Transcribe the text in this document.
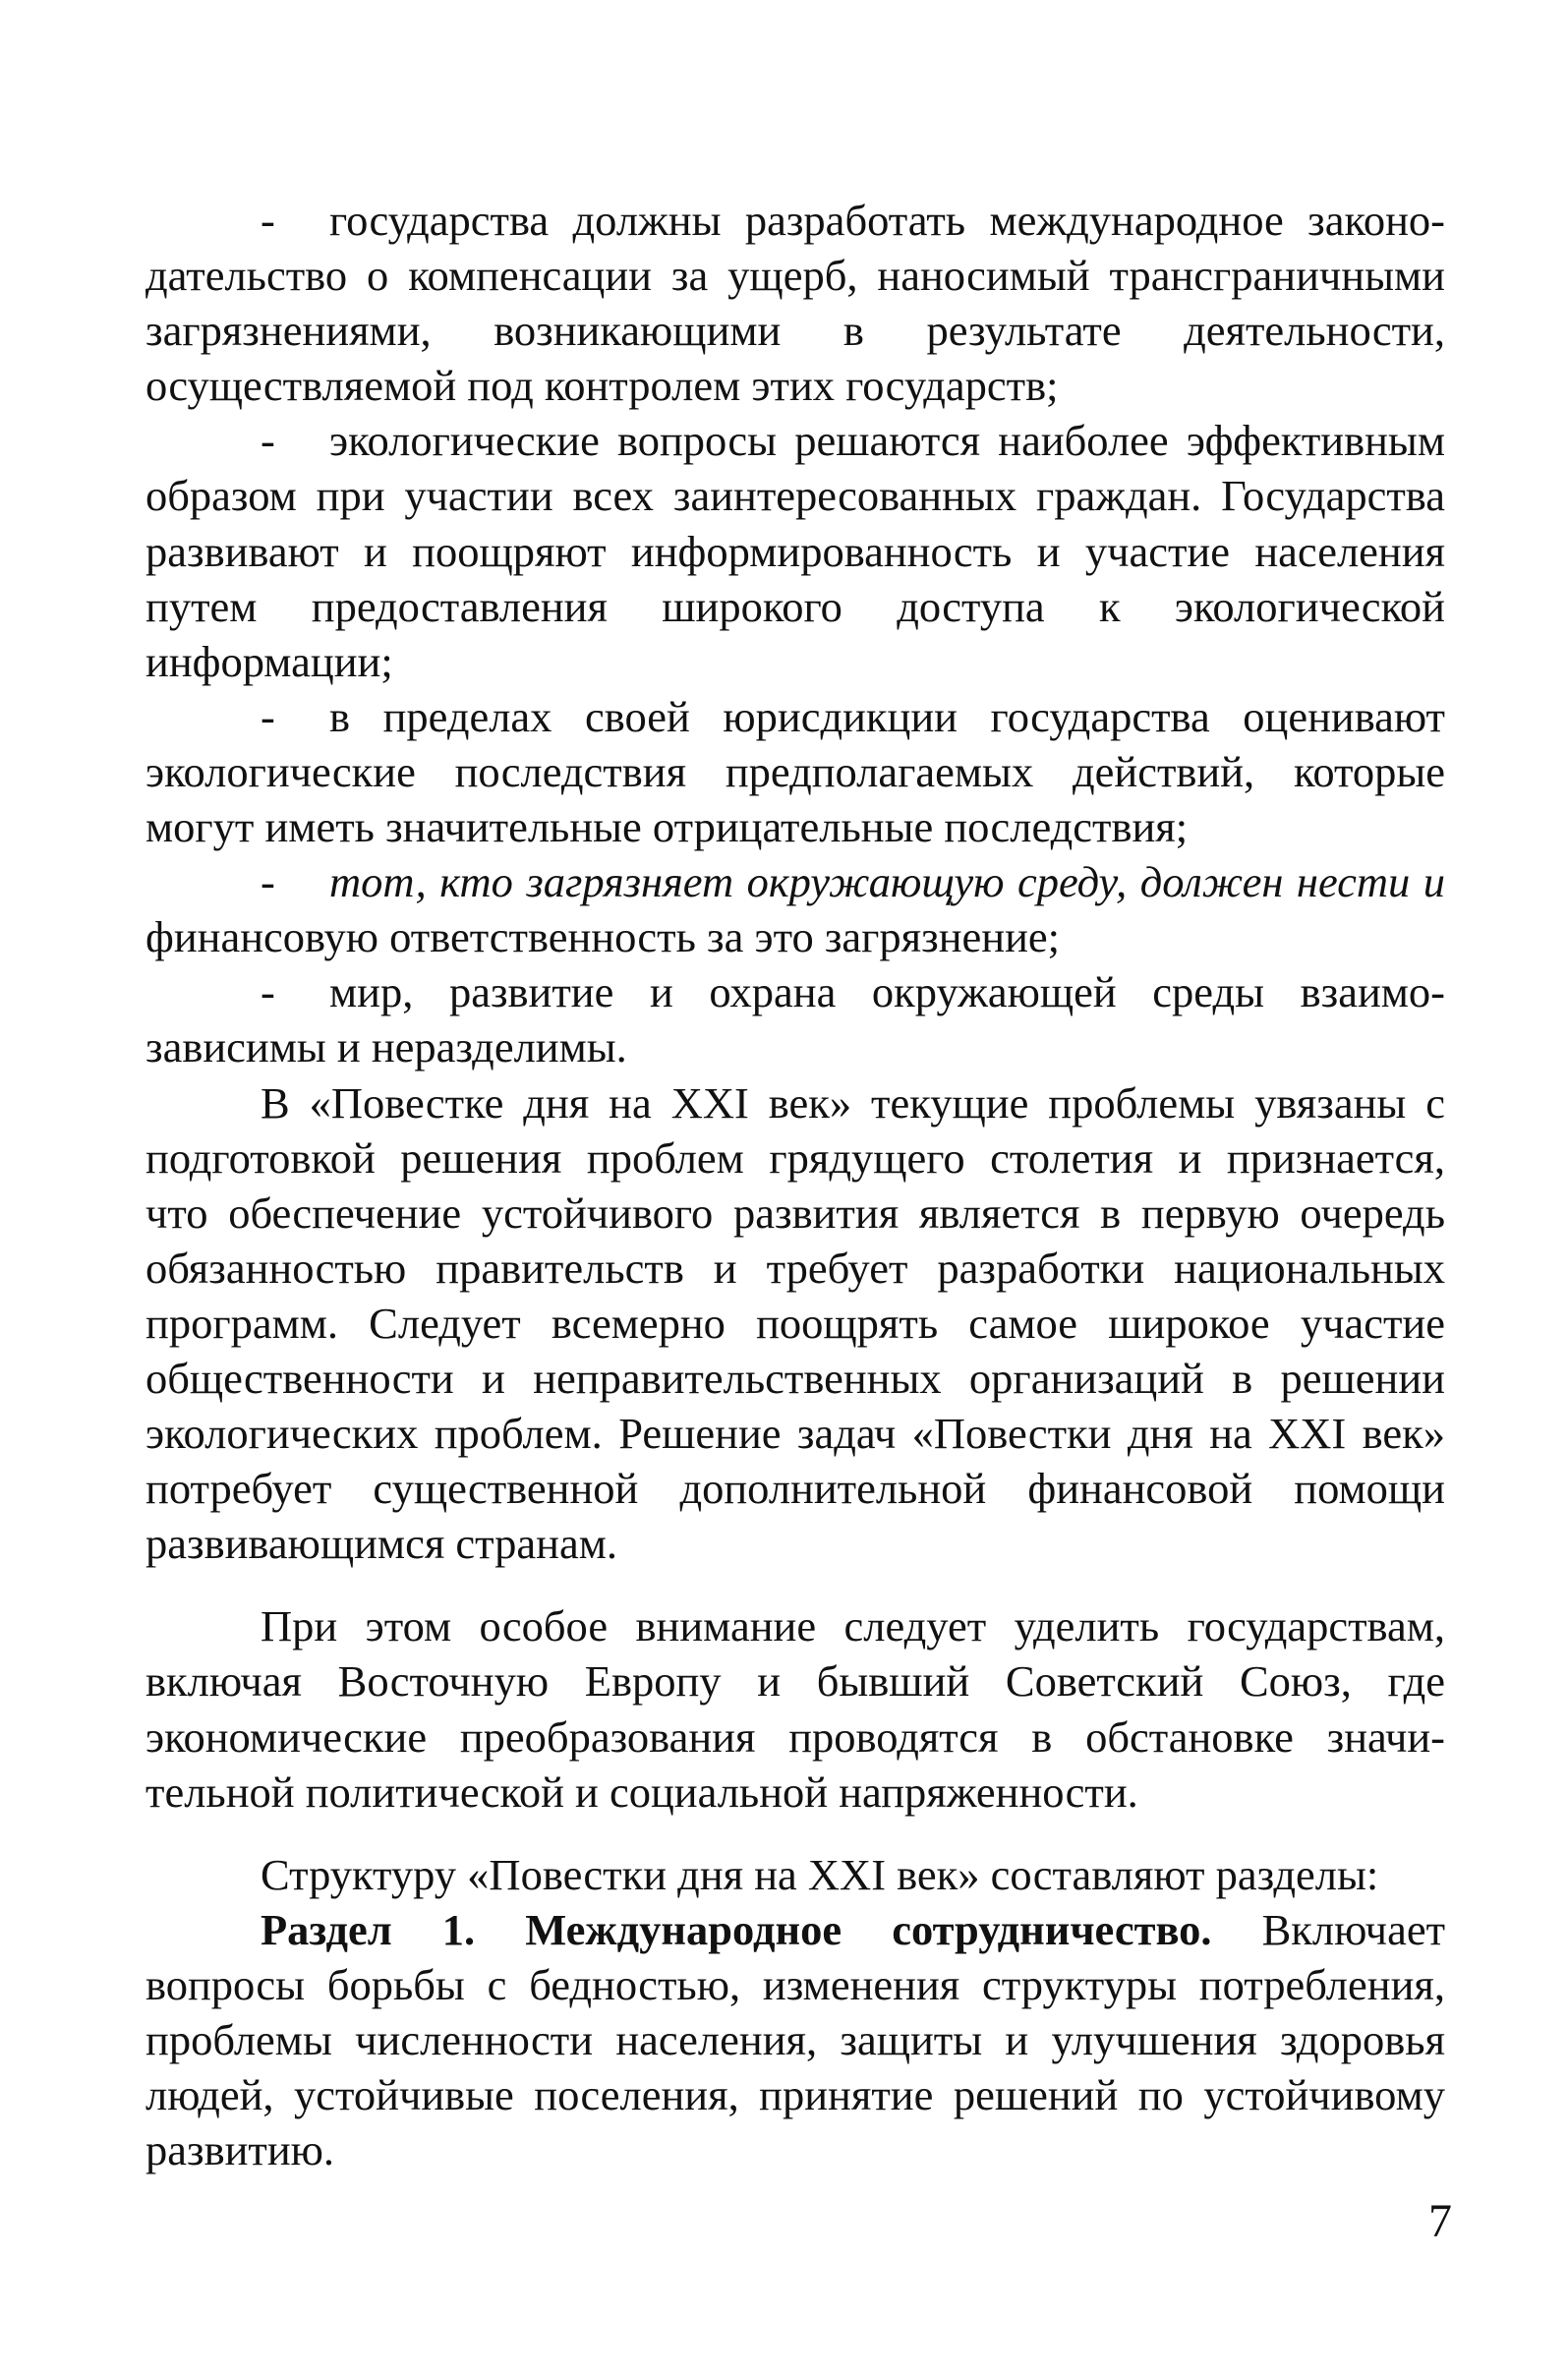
- государства должны разработать международное законо-
дательство о компенсации за ущерб, наносимый трансграничными
загрязнениями, возникающими в результате деятельности,
осуществляемой под контролем этих государств;
- экологические вопросы решаются наиболее эффективным
образом при участии всех заинтересованных граждан. Государства
развивают и поощряют информированность и участие населения
путем предоставления широкого доступа к экологической
информации;
- в пределах своей юрисдикции государства оценивают
экологические последствия предполагаемых действий, которые
могут иметь значительные отрицательные последствия;
- тот, кто загрязняет окружающую среду, должен нести и
финансовую ответственность за это загрязнение;
- мир, развитие и охрана окружающей среды взаимо-
зависимы и неразделимы.
В «Повестке дня на XXI век» текущие проблемы увязаны с
подготовкой решения проблем грядущего столетия и признается,
что обеспечение устойчивого развития является в первую очередь
обязанностью правительств и требует разработки национальных
программ. Следует всемерно поощрять самое широкое участие
общественности и неправительственных организаций в решении
экологических проблем. Решение задач «Повестки дня на XXI век»
потребует существенной дополнительной финансовой помощи
развивающимся странам.
При этом особое внимание следует уделить государствам,
включая Восточную Европу и бывший Советский Союз, где
экономические преобразования проводятся в обстановке значи-
тельной политической и социальной напряженности.
Структуру «Повестки дня на XXI век» составляют разделы:
Раздел 1. Международное сотрудничество. Включает
вопросы борьбы с бедностью, изменения структуры потребления,
проблемы численности населения, защиты и улучшения здоровья
людей, устойчивые поселения, принятие решений по устойчивому
развитию.
7
